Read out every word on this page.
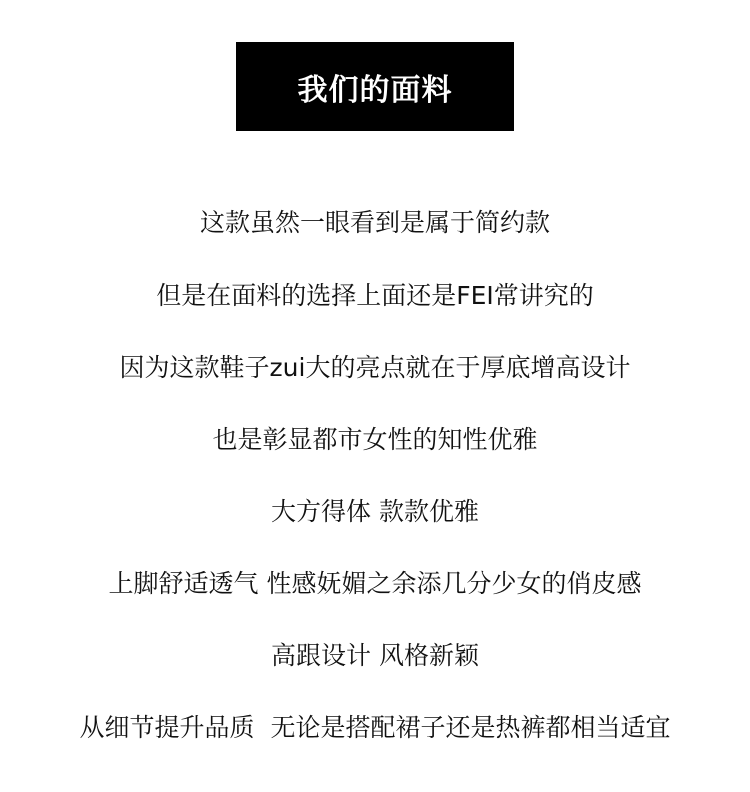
我们的面料
这款虽然一眼看到是属于简约款
但是在面料的选择上面还是FEI常讲究的
因为这款鞋子zui大的亮点就在于厚底增高设计
也是彰显都市女性的知性优雅
大方得体 款款优雅
上脚舒适透气 性感妩媚之余添几分少女的俏皮感
高跟设计 风格新颖
从细节提升品质  无论是搭配裙子还是热裤都相当适宜
